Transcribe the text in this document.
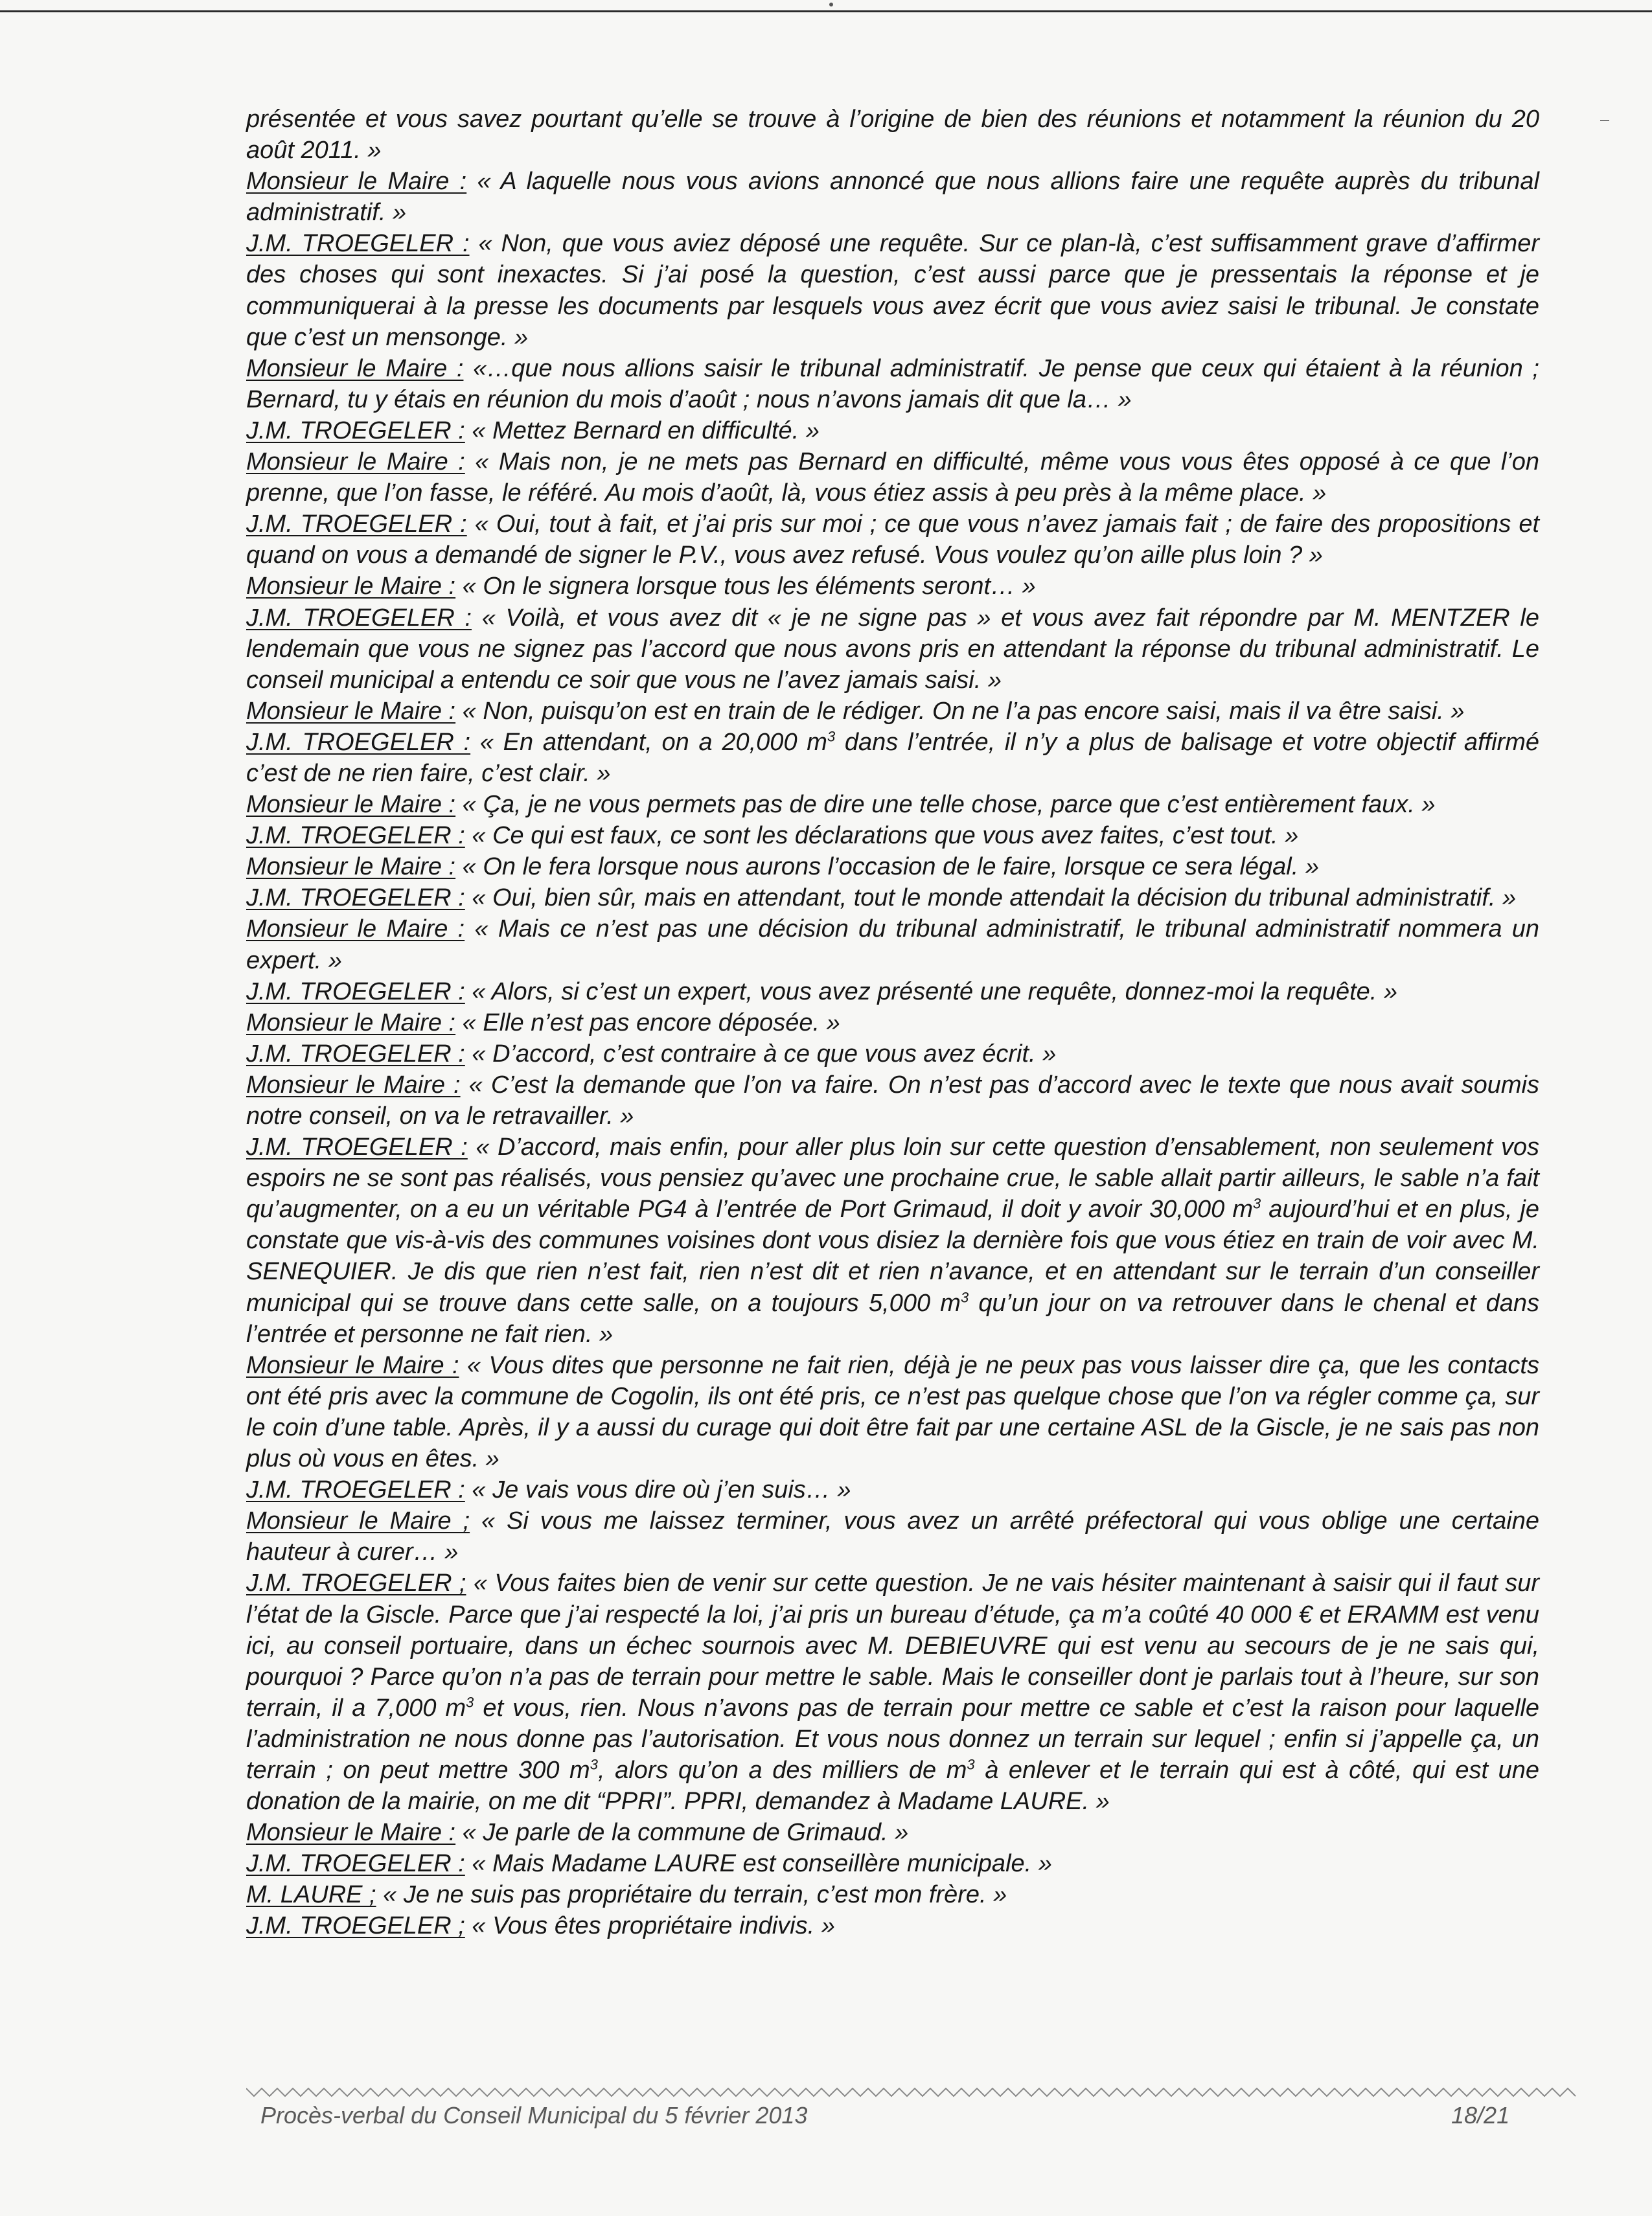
présentée et vous savez pourtant qu’elle se trouve à l’origine de bien des réunions et notamment la réunion du 20 août 2011. »

Monsieur le Maire : « A laquelle nous vous avions annoncé que nous allions faire une requête auprès du tribunal administratif. »

J.M. TROEGELER : « Non, que vous aviez déposé une requête. Sur ce plan-là, c’est suffisamment grave d’affirmer des choses qui sont inexactes. Si j’ai posé la question, c’est aussi parce que je pressentais la réponse et je communiquerai à la presse les documents par lesquels vous avez écrit que vous aviez saisi le tribunal. Je constate que c’est un mensonge. »

Monsieur le Maire : «…que nous allions saisir le tribunal administratif. Je pense que ceux qui étaient à la réunion ; Bernard, tu y étais en réunion du mois d’août ; nous n’avons jamais dit que la… »

J.M. TROEGELER : « Mettez Bernard en difficulté. »

Monsieur le Maire : « Mais non, je ne mets pas Bernard en difficulté, même vous vous êtes opposé à ce que l’on prenne, que l’on fasse, le référé. Au mois d’août, là, vous étiez assis à peu près à la même place. »

J.M. TROEGELER : « Oui, tout à fait, et j’ai pris sur moi ; ce que vous n’avez jamais fait ; de faire des propositions et quand on vous a demandé de signer le P.V., vous avez refusé. Vous voulez qu’on aille plus loin ? »

Monsieur le Maire : « On le signera lorsque tous les éléments seront… »

J.M. TROEGELER : « Voilà, et vous avez dit « je ne signe pas » et vous avez fait répondre par M. MENTZER le lendemain que vous ne signez pas l’accord que nous avons pris en attendant la réponse du tribunal administratif. Le conseil municipal a entendu ce soir que vous ne l’avez jamais saisi. »

Monsieur le Maire : « Non, puisqu’on est en train de le rédiger. On ne l’a pas encore saisi, mais il va être saisi. »

J.M. TROEGELER : « En attendant, on a 20,000 $m^3$ dans l’entrée, il n’y a plus de balisage et votre objectif affirmé c’est de ne rien faire, c’est clair. »

Monsieur le Maire : « Ça, je ne vous permets pas de dire une telle chose, parce que c’est entièrement faux. »

J.M. TROEGELER : « Ce qui est faux, ce sont les déclarations que vous avez faites, c’est tout. »

Monsieur le Maire : « On le fera lorsque nous aurons l’occasion de le faire, lorsque ce sera légal. »

J.M. TROEGELER : « Oui, bien sûr, mais en attendant, tout le monde attendait la décision du tribunal administratif. »

Monsieur le Maire : « Mais ce n’est pas une décision du tribunal administratif, le tribunal administratif nommera un expert. »

J.M. TROEGELER : « Alors, si c’est un expert, vous avez présenté une requête, donnez-moi la requête. »

Monsieur le Maire : « Elle n’est pas encore déposée. »

J.M. TROEGELER : « D’accord, c’est contraire à ce que vous avez écrit. »

Monsieur le Maire : « C’est la demande que l’on va faire. On n’est pas d’accord avec le texte que nous avait soumis notre conseil, on va le retravailler. »

J.M. TROEGELER : « D’accord, mais enfin, pour aller plus loin sur cette question d’ensablement, non seulement vos espoirs ne se sont pas réalisés, vous pensiez qu’avec une prochaine crue, le sable allait partir ailleurs, le sable n’a fait qu’augmenter, on a eu un véritable PG4 à l’entrée de Port Grimaud, il doit y avoir 30,000 $m^3$ aujourd’hui et en plus, je constate que vis-à-vis des communes voisines dont vous disiez la dernière fois que vous étiez en train de voir avec M. SENEQUIER. Je dis que rien n’est fait, rien n’est dit et rien n’avance, et en attendant sur le terrain d’un conseiller municipal qui se trouve dans cette salle, on a toujours 5,000 $m^3$ qu’un jour on va retrouver dans le chenal et dans l’entrée et personne ne fait rien. »

Monsieur le Maire : « Vous dites que personne ne fait rien, déjà je ne peux pas vous laisser dire ça, que les contacts ont été pris avec la commune de Cogolin, ils ont été pris, ce n’est pas quelque chose que l’on va régler comme ça, sur le coin d’une table. Après, il y a aussi du curage qui doit être fait par une certaine ASL de la Giscle, je ne sais pas non plus où vous en êtes. »

J.M. TROEGELER : « Je vais vous dire où j’en suis… »

Monsieur le Maire ; « Si vous me laissez terminer, vous avez un arrêté préfectoral qui vous oblige une certaine hauteur à curer… »

J.M. TROEGELER ; « Vous faites bien de venir sur cette question. Je ne vais hésiter maintenant à saisir qui il faut sur l’état de la Giscle. Parce que j’ai respecté la loi, j’ai pris un bureau d’étude, ça m’a coûté 40 000 € et ERAMM est venu ici, au conseil portuaire, dans un échec sournois avec M. DEBIEUVRE qui est venu au secours de je ne sais qui, pourquoi ? Parce qu’on n’a pas de terrain pour mettre le sable. Mais le conseiller dont je parlais tout à l’heure, sur son terrain, il a 7,000 $m^3$ et vous, rien. Nous n’avons pas de terrain pour mettre ce sable et c’est la raison pour laquelle l’administration ne nous donne pas l’autorisation. Et vous nous donnez un terrain sur lequel ; enfin si j’appelle ça, un terrain ; on peut mettre 300 $m^3$, alors qu’on a des milliers de $m^3$ à enlever et le terrain qui est à côté, qui est une donation de la mairie, on me dit “PPRI”. PPRI, demandez à Madame LAURE. »

Monsieur le Maire : « Je parle de la commune de Grimaud. »

J.M. TROEGELER : « Mais Madame LAURE est conseillère municipale. »

M. LAURE ; « Je ne suis pas propriétaire du terrain, c’est mon frère. »

J.M. TROEGELER ; « Vous êtes propriétaire indivis. »

Procès-verbal du Conseil Municipal du 5 février 2013	18/21
